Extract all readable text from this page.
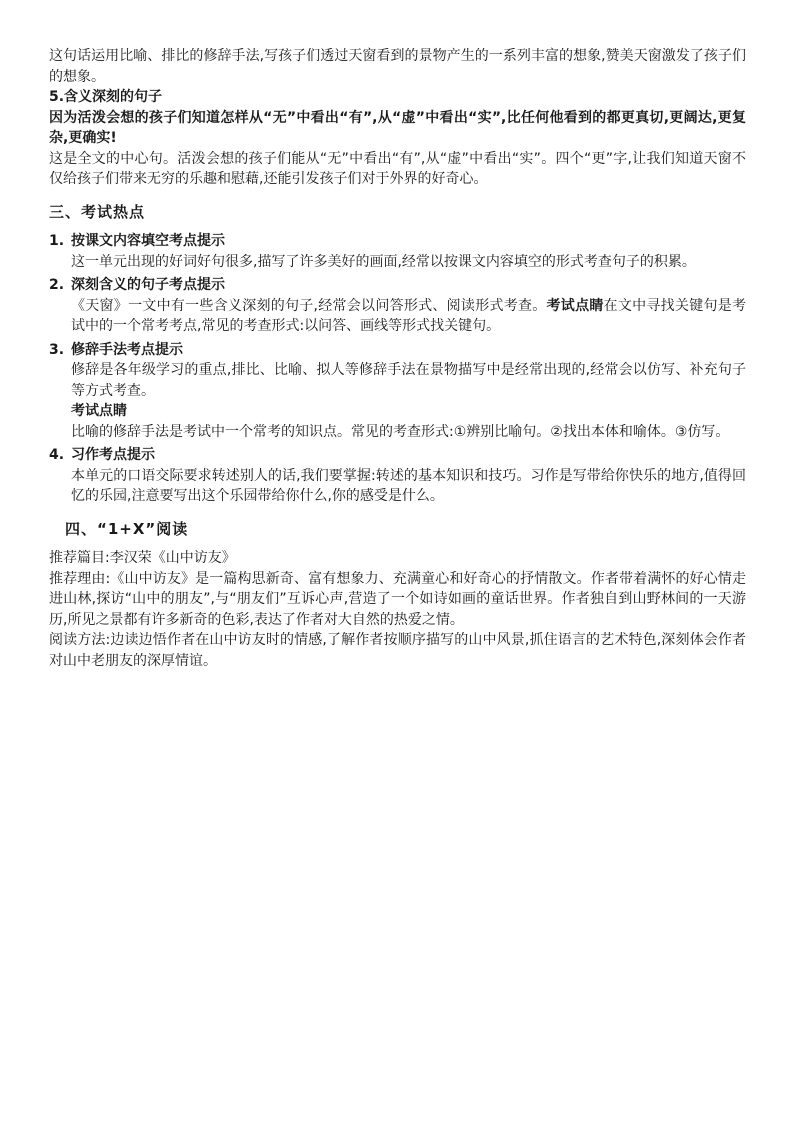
这句话运用比喻、排比的修辞手法,写孩子们透过天窗看到的景物产生的一系列丰富的想象,赞美天窗激发了孩子们的想象。

5.含义深刻的句子

因为活泼会想的孩子们知道怎样从“无”中看出“有”,从“虚”中看出“实”,比任何他看到的都更真切,更阔达,更复杂,更确实!

这是全文的中心句。活泼会想的孩子们能从“无”中看出“有”,从“虚”中看出“实”。四个“更”字,让我们知道天窗不仅给孩子们带来无穷的乐趣和慰藉,还能引发孩子们对于外界的好奇心。

三、考试热点
1. 按课文内容填空考点提示

这一单元出现的好词好句很多,描写了许多美好的画面,经常以按课文内容填空的形式考查句子的积累。

2. 深刻含义的句子考点提示

《天窗》一文中有一些含义深刻的句子,经常会以问答形式、阅读形式考查。考试点睛在文中寻找关键句是考试中的一个常考考点,常见的考查形式:以问答、画线等形式找关键句。

3. 修辞手法考点提示

修辞是各年级学习的重点,排比、比喻、拟人等修辞手法在景物描写中是经常出现的,经常会以仿写、补充句子等方式考查。

考试点睛

比喻的修辞手法是考试中一个常考的知识点。常见的考查形式:①辨别比喻句。②找出本体和喻体。③仿写。

4. 习作考点提示

本单元的口语交际要求转述别人的话,我们要掌握:转述的基本知识和技巧。习作是写带给你快乐的地方,值得回忆的乐园,注意要写出这个乐园带给你什么,你的感受是什么。

四、“1+X”阅读

推荐篇目:李汉荣《山中访友》

推荐理由:《山中访友》是一篇构思新奇、富有想象力、充满童心和好奇心的抒情散文。作者带着满怀的好心情走进山林,探访“山中的朋友”,与“朋友们”互诉心声,营造了一个如诗如画的童话世界。作者独自到山野林间的一天游历,所见之景都有许多新奇的色彩,表达了作者对大自然的热爱之情。

阅读方法:边读边悟作者在山中访友时的情感,了解作者按顺序描写的山中风景,抓住语言的艺术特色,深刻体会作者对山中老朋友的深厚情谊。
